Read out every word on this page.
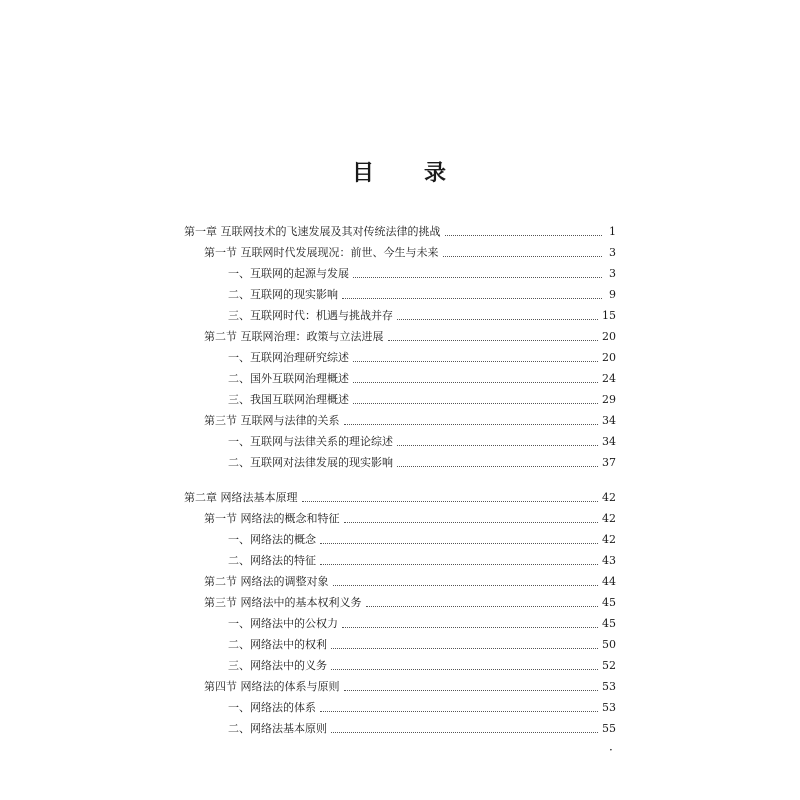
目 录
第一章 互联网技术的飞速发展及其对传统法律的挑战	1
第一节 互联网时代发展现况：前世、今生与未来	3
一、互联网的起源与发展	3
二、互联网的现实影响	9
三、互联网时代：机遇与挑战并存	15
第二节 互联网治理：政策与立法进展	20
一、互联网治理研究综述	20
二、国外互联网治理概述	24
三、我国互联网治理概述	29
第三节 互联网与法律的关系	34
一、互联网与法律关系的理论综述	34
二、互联网对法律发展的现实影响	37
第二章 网络法基本原理	42
第一节 网络法的概念和特征	42
一、网络法的概念	42
二、网络法的特征	43
第二节 网络法的调整对象	44
第三节 网络法中的基本权利义务	45
一、网络法中的公权力	45
二、网络法中的权利	50
三、网络法中的义务	52
第四节 网络法的体系与原则	53
一、网络法的体系	53
二、网络法基本原则	55
·
